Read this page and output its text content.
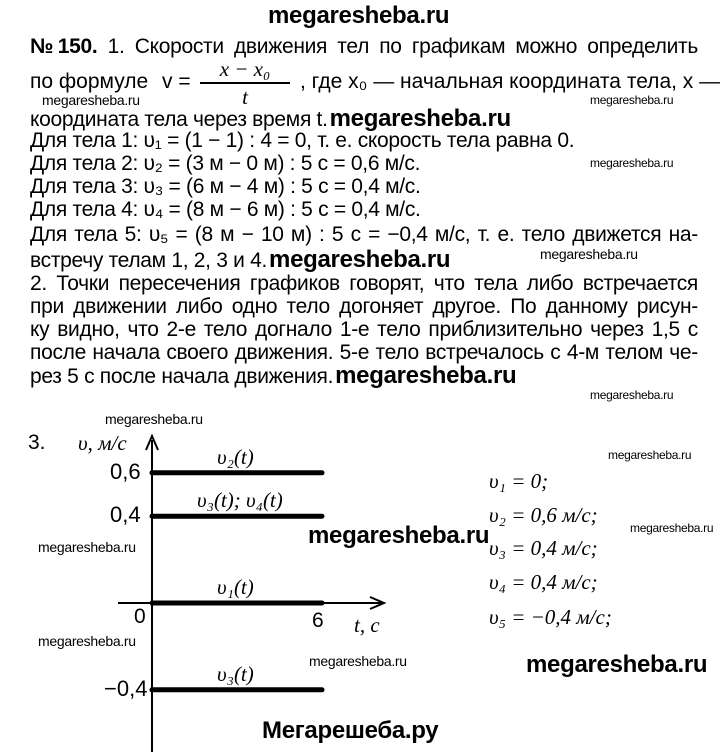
megaresheba.ru
№150. 1. Скорости движения тел по графикам можно определить
по формуле v =
x − x₀
t
, где x₀ — начальная координата тела, x —
координата тела через время t.megaresheba.ru
Для тела 1: υ₁ = (1 − 1) : 4 = 0, т. е. скорость тела равна 0.
Для тела 2: υ₂ = (3 м − 0 м) : 5 с = 0,6 м/с.
Для тела 3: υ₃ = (6 м − 4 м) : 5 с = 0,4 м/с.
Для тела 4: υ₄ = (8 м − 6 м) : 5 с = 0,4 м/с.
Для тела 5: υ₅ = (8 м − 10 м) : 5 с = −0,4 м/с, т. е. тело движется на-
встречу телам 1, 2, 3 и 4.megaresheba.ru
2. Точки пересечения графиков говорят, что тела либо встречается
при движении либо одно тело догоняет другое. По данному рисун-
ку видно, что 2-е тело догнало 1-е тело приблизительно через 1,5 с
после начала своего движения. 5-е тело встречалось с 4-м телом че-
рез 5 с после начала движения.megaresheba.ru
3. υ, м/с
t, с
0	6
υ₂(t)
υ₃(t); υ₄(t)
υ₁(t)
υ₃(t)
0,6
0,4
−0,4
υ₁ = 0;
υ₂ = 0,6 м/с;
υ₃ = 0,4 м/с;
υ₄ = 0,4 м/с;
υ₅ = −0,4 м/с;
megaresheba.ru	megaresheba.ru
megaresheba.ru
megaresheba.ru
megaresheba.ru
megaresheba.ru
megaresheba.ru
megaresheba.ru
megaresheba.ru
megaresheba.ru
megaresheba.ru
megaresheba.ru	megaresheba.ru
Мегарешеба.ру
